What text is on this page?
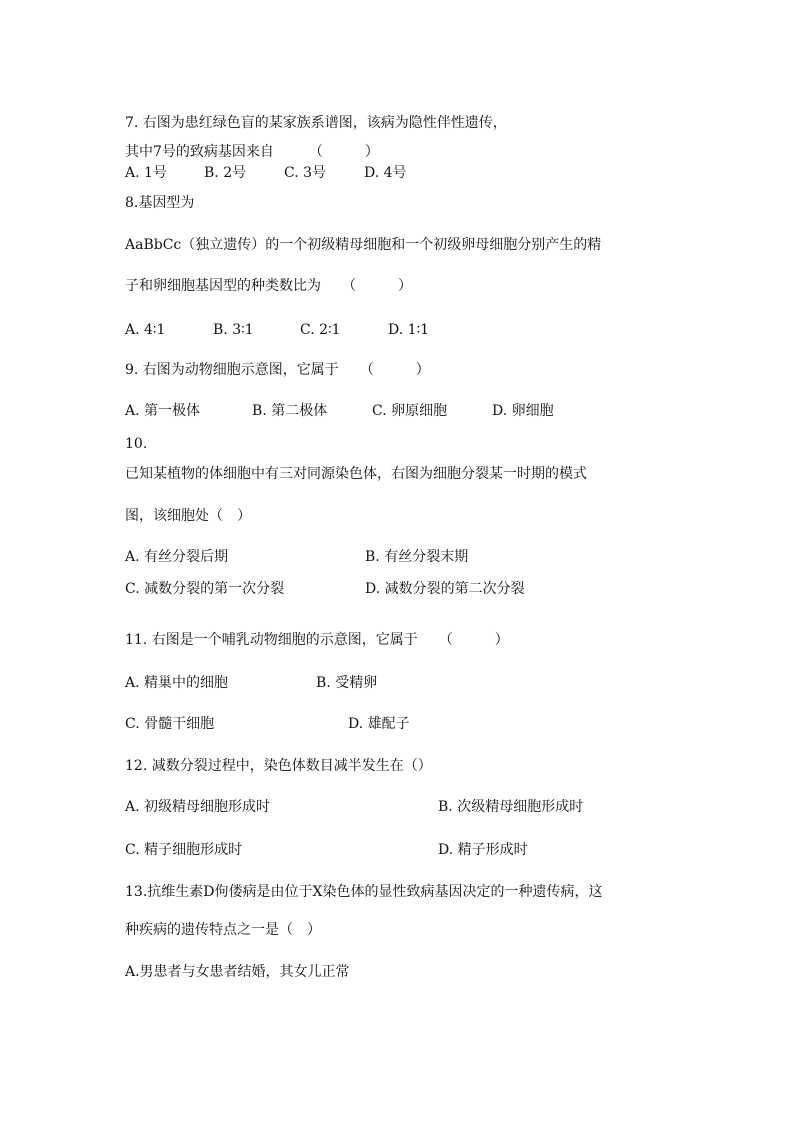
7. 右图为患红绿色盲的某家族系谱图，该病为隐性伴性遗传，
其中7号的致病基因来自　　　（　　　）
A. 1号	B. 2号	C. 3号	D. 4号
8.基因型为
AaBbCc（独立遗传）的一个初级精母细胞和一个初级卵母细胞分别产生的精
子和卵细胞基因型的种类数比为　　（　　　）
A. 4∶1	B. 3∶1	C. 2∶1	D. 1∶1
9. 右图为动物细胞示意图，它属于　　（　　　）
A. 第一极体	B. 第二极体	C. 卵原细胞	D. 卵细胞
10.
已知某植物的体细胞中有三对同源染色体，右图为细胞分裂某一时期的模式
图，该细胞处（　）
A. 有丝分裂后期	B. 有丝分裂末期
C. 减数分裂的第一次分裂	D. 减数分裂的第二次分裂
11. 右图是一个哺乳动物细胞的示意图，它属于　　（　　　）
A. 精巢中的细胞	B. 受精卵
C. 骨髓干细胞	D. 雄配子
12. 减数分裂过程中，染色体数目减半发生在（）
A. 初级精母细胞形成时	B. 次级精母细胞形成时
C. 精子细胞形成时	D. 精子形成时
13.抗维生素D佝偻病是由位于X染色体的显性致病基因决定的一种遗传病，这
种疾病的遗传特点之一是（　）
A.男患者与女患者结婚，其女儿正常
